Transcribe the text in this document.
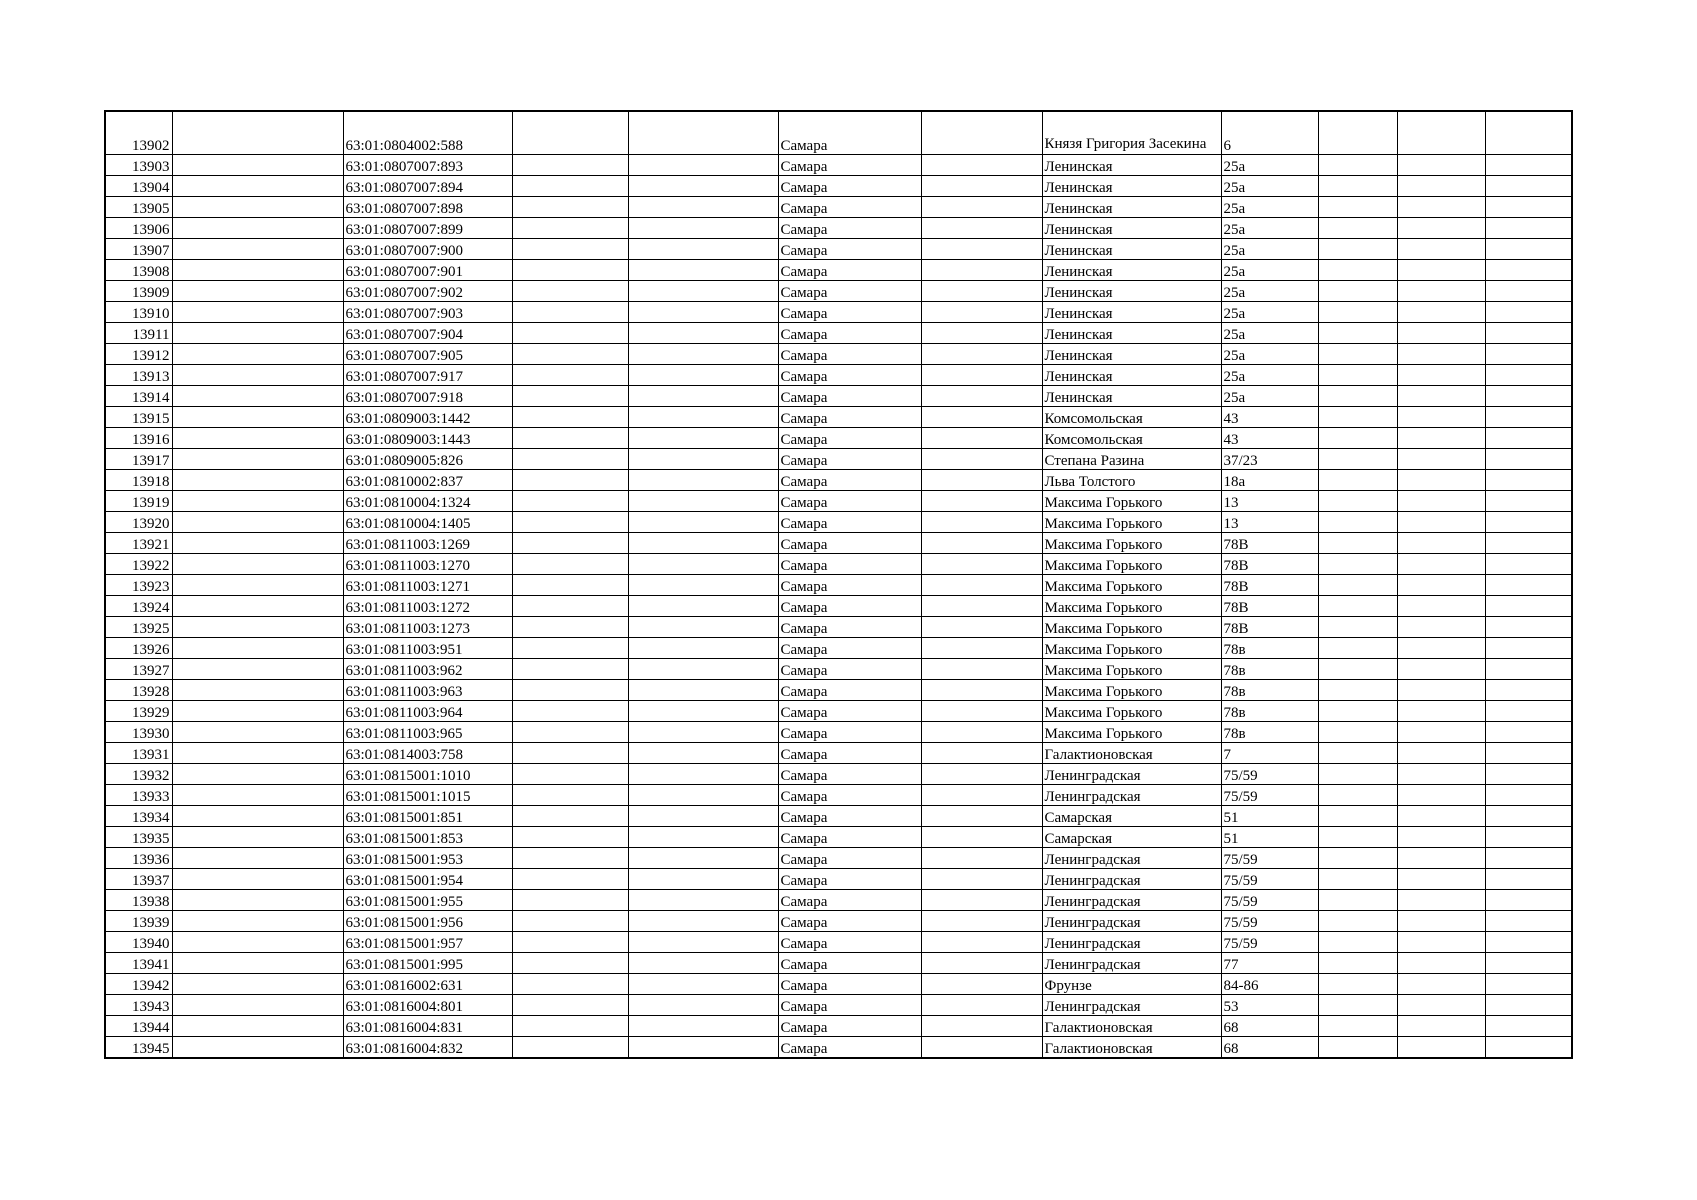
13902		63:01:0804002:588			Самара		Князя Григория Засекина	6			
13903		63:01:0807007:893			Самара		Ленинская	25а			
13904		63:01:0807007:894			Самара		Ленинская	25а			
13905		63:01:0807007:898			Самара		Ленинская	25а			
13906		63:01:0807007:899			Самара		Ленинская	25а			
13907		63:01:0807007:900			Самара		Ленинская	25а			
13908		63:01:0807007:901			Самара		Ленинская	25а			
13909		63:01:0807007:902			Самара		Ленинская	25а			
13910		63:01:0807007:903			Самара		Ленинская	25а			
13911		63:01:0807007:904			Самара		Ленинская	25а			
13912		63:01:0807007:905			Самара		Ленинская	25а			
13913		63:01:0807007:917			Самара		Ленинская	25а			
13914		63:01:0807007:918			Самара		Ленинская	25а			
13915		63:01:0809003:1442			Самара		Комсомольская	43			
13916		63:01:0809003:1443			Самара		Комсомольская	43			
13917		63:01:0809005:826			Самара		Степана Разина	37/23			
13918		63:01:0810002:837			Самара		Льва Толстого	18а			
13919		63:01:0810004:1324			Самара		Максима Горького	13			
13920		63:01:0810004:1405			Самара		Максима Горького	13			
13921		63:01:0811003:1269			Самара		Максима Горького	78В			
13922		63:01:0811003:1270			Самара		Максима Горького	78В			
13923		63:01:0811003:1271			Самара		Максима Горького	78В			
13924		63:01:0811003:1272			Самара		Максима Горького	78В			
13925		63:01:0811003:1273			Самара		Максима Горького	78В			
13926		63:01:0811003:951			Самара		Максима Горького	78в			
13927		63:01:0811003:962			Самара		Максима Горького	78в			
13928		63:01:0811003:963			Самара		Максима Горького	78в			
13929		63:01:0811003:964			Самара		Максима Горького	78в			
13930		63:01:0811003:965			Самара		Максима Горького	78в			
13931		63:01:0814003:758			Самара		Галактионовская	7			
13932		63:01:0815001:1010			Самара		Ленинградская	75/59			
13933		63:01:0815001:1015			Самара		Ленинградская	75/59			
13934		63:01:0815001:851			Самара		Самарская	51			
13935		63:01:0815001:853			Самара		Самарская	51			
13936		63:01:0815001:953			Самара		Ленинградская	75/59			
13937		63:01:0815001:954			Самара		Ленинградская	75/59			
13938		63:01:0815001:955			Самара		Ленинградская	75/59			
13939		63:01:0815001:956			Самара		Ленинградская	75/59			
13940		63:01:0815001:957			Самара		Ленинградская	75/59			
13941		63:01:0815001:995			Самара		Ленинградская	77			
13942		63:01:0816002:631			Самара		Фрунзе	84-86			
13943		63:01:0816004:801			Самара		Ленинградская	53			
13944		63:01:0816004:831			Самара		Галактионовская	68			
13945		63:01:0816004:832			Самара		Галактионовская	68			
